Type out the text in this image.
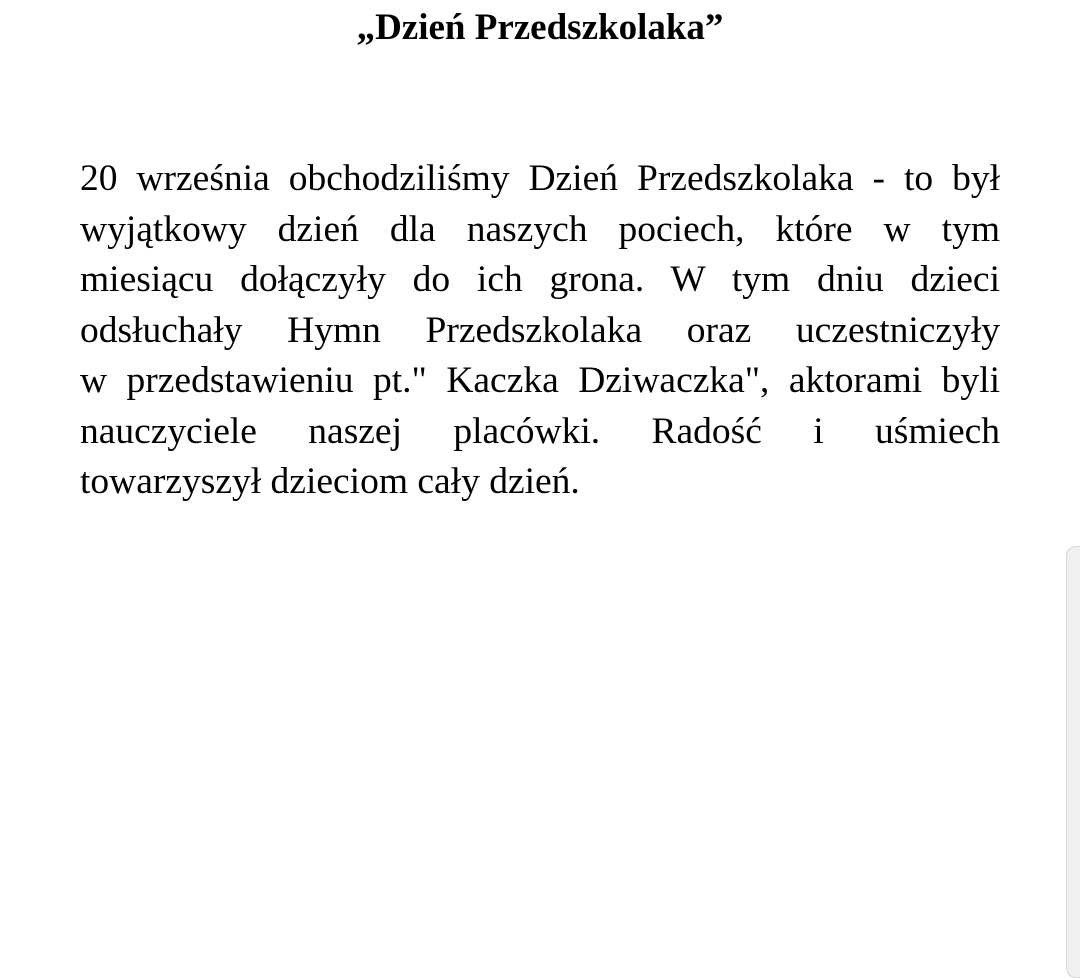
„Dzień Przedszkolaka”
20 września obchodziliśmy Dzień Przedszkolaka - to był
wyjątkowy dzień dla naszych pociech, które w tym
miesiącu dołączyły do ich grona. W tym dniu dzieci
odsłuchały Hymn Przedszkolaka oraz uczestniczyły
w przedstawieniu pt." Kaczka Dziwaczka", aktorami byli
nauczyciele naszej placówki. Radość i uśmiech
towarzyszył dzieciom cały dzień.
